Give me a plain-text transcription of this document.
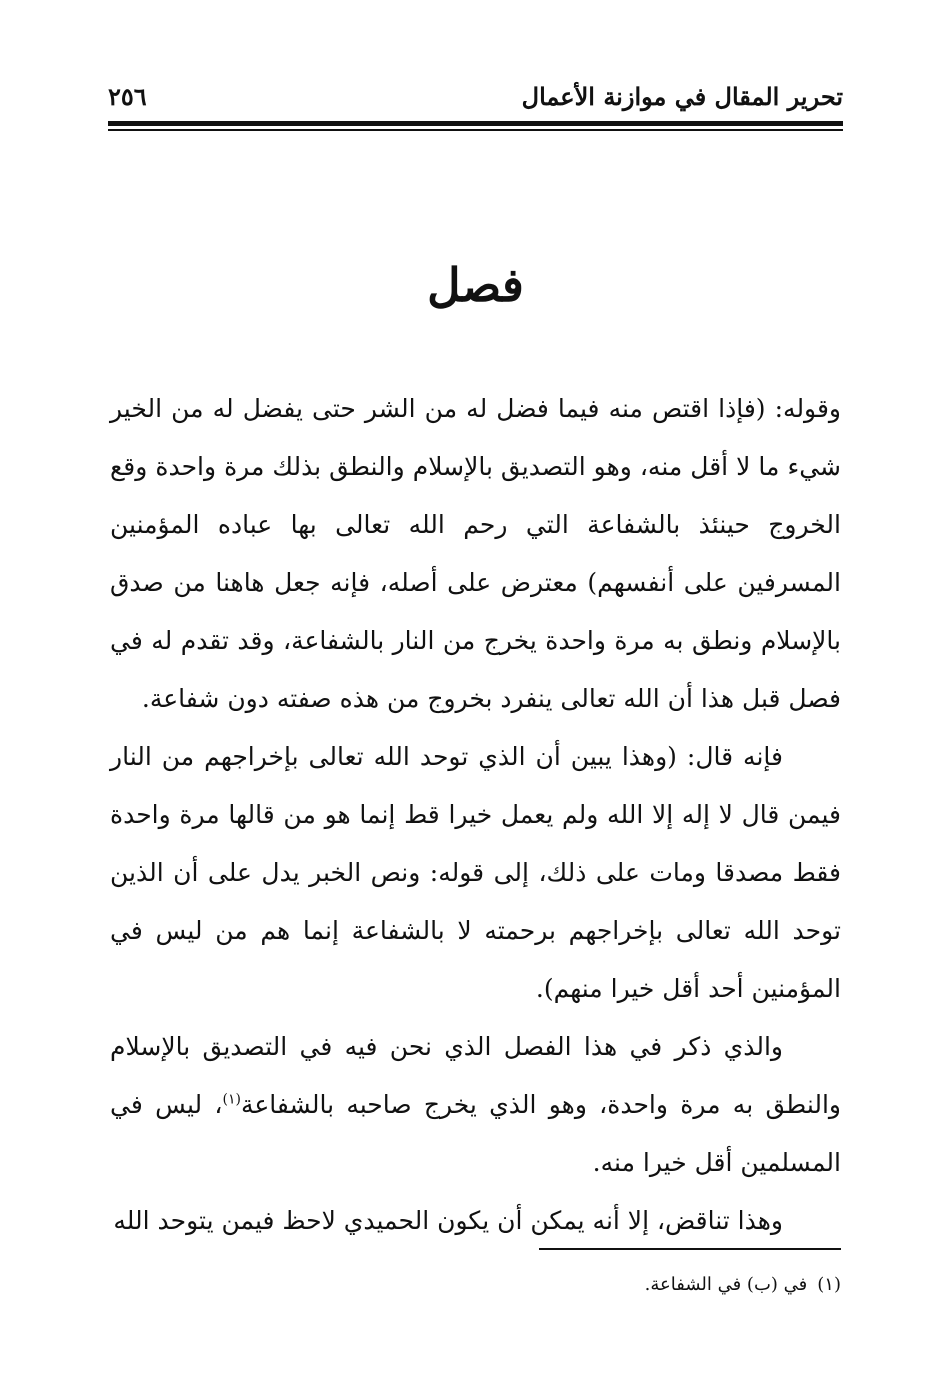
تحرير المقال في موازنة الأعمال
٢٥٦
فصل

وقوله: (فإذا اقتص منه فيما فضل له من الشر حتى يفضل له من الخير شيء ما لا أقل منه، وهو التصديق بالإسلام والنطق بذلك مرة واحدة وقع الخروج حينئذ بالشفاعة التي رحم الله تعالى بها عباده المؤمنين المسرفين على أنفسهم) معترض على أصله، فإنه جعل هاهنا من صدق بالإسلام ونطق به مرة واحدة يخرج من النار بالشفاعة، وقد تقدم له في فصل قبل هذا أن الله تعالى ينفرد بخروج من هذه صفته دون شفاعة.

فإنه قال: (وهذا يبين أن الذي توحد الله تعالى بإخراجهم من النار فيمن قال لا إله إلا الله ولم يعمل خيرا قط إنما هو من قالها مرة واحدة فقط مصدقا ومات على ذلك، إلى قوله: ونص الخبر يدل على أن الذين توحد الله تعالى بإخراجهم برحمته لا بالشفاعة إنما هم من ليس في المؤمنين أحد أقل خيرا منهم).

والذي ذكر في هذا الفصل الذي نحن فيه في التصديق بالإسلام والنطق به مرة واحدة، وهو الذي يخرج صاحبه بالشفاعة$^{(١)}$، ليس في المسلمين أقل خيرا منه.

وهذا تناقض، إلا أنه يمكن أن يكون الحميدي لاحظ فيمن يتوحد الله

(١)في (ب) في الشفاعة.
